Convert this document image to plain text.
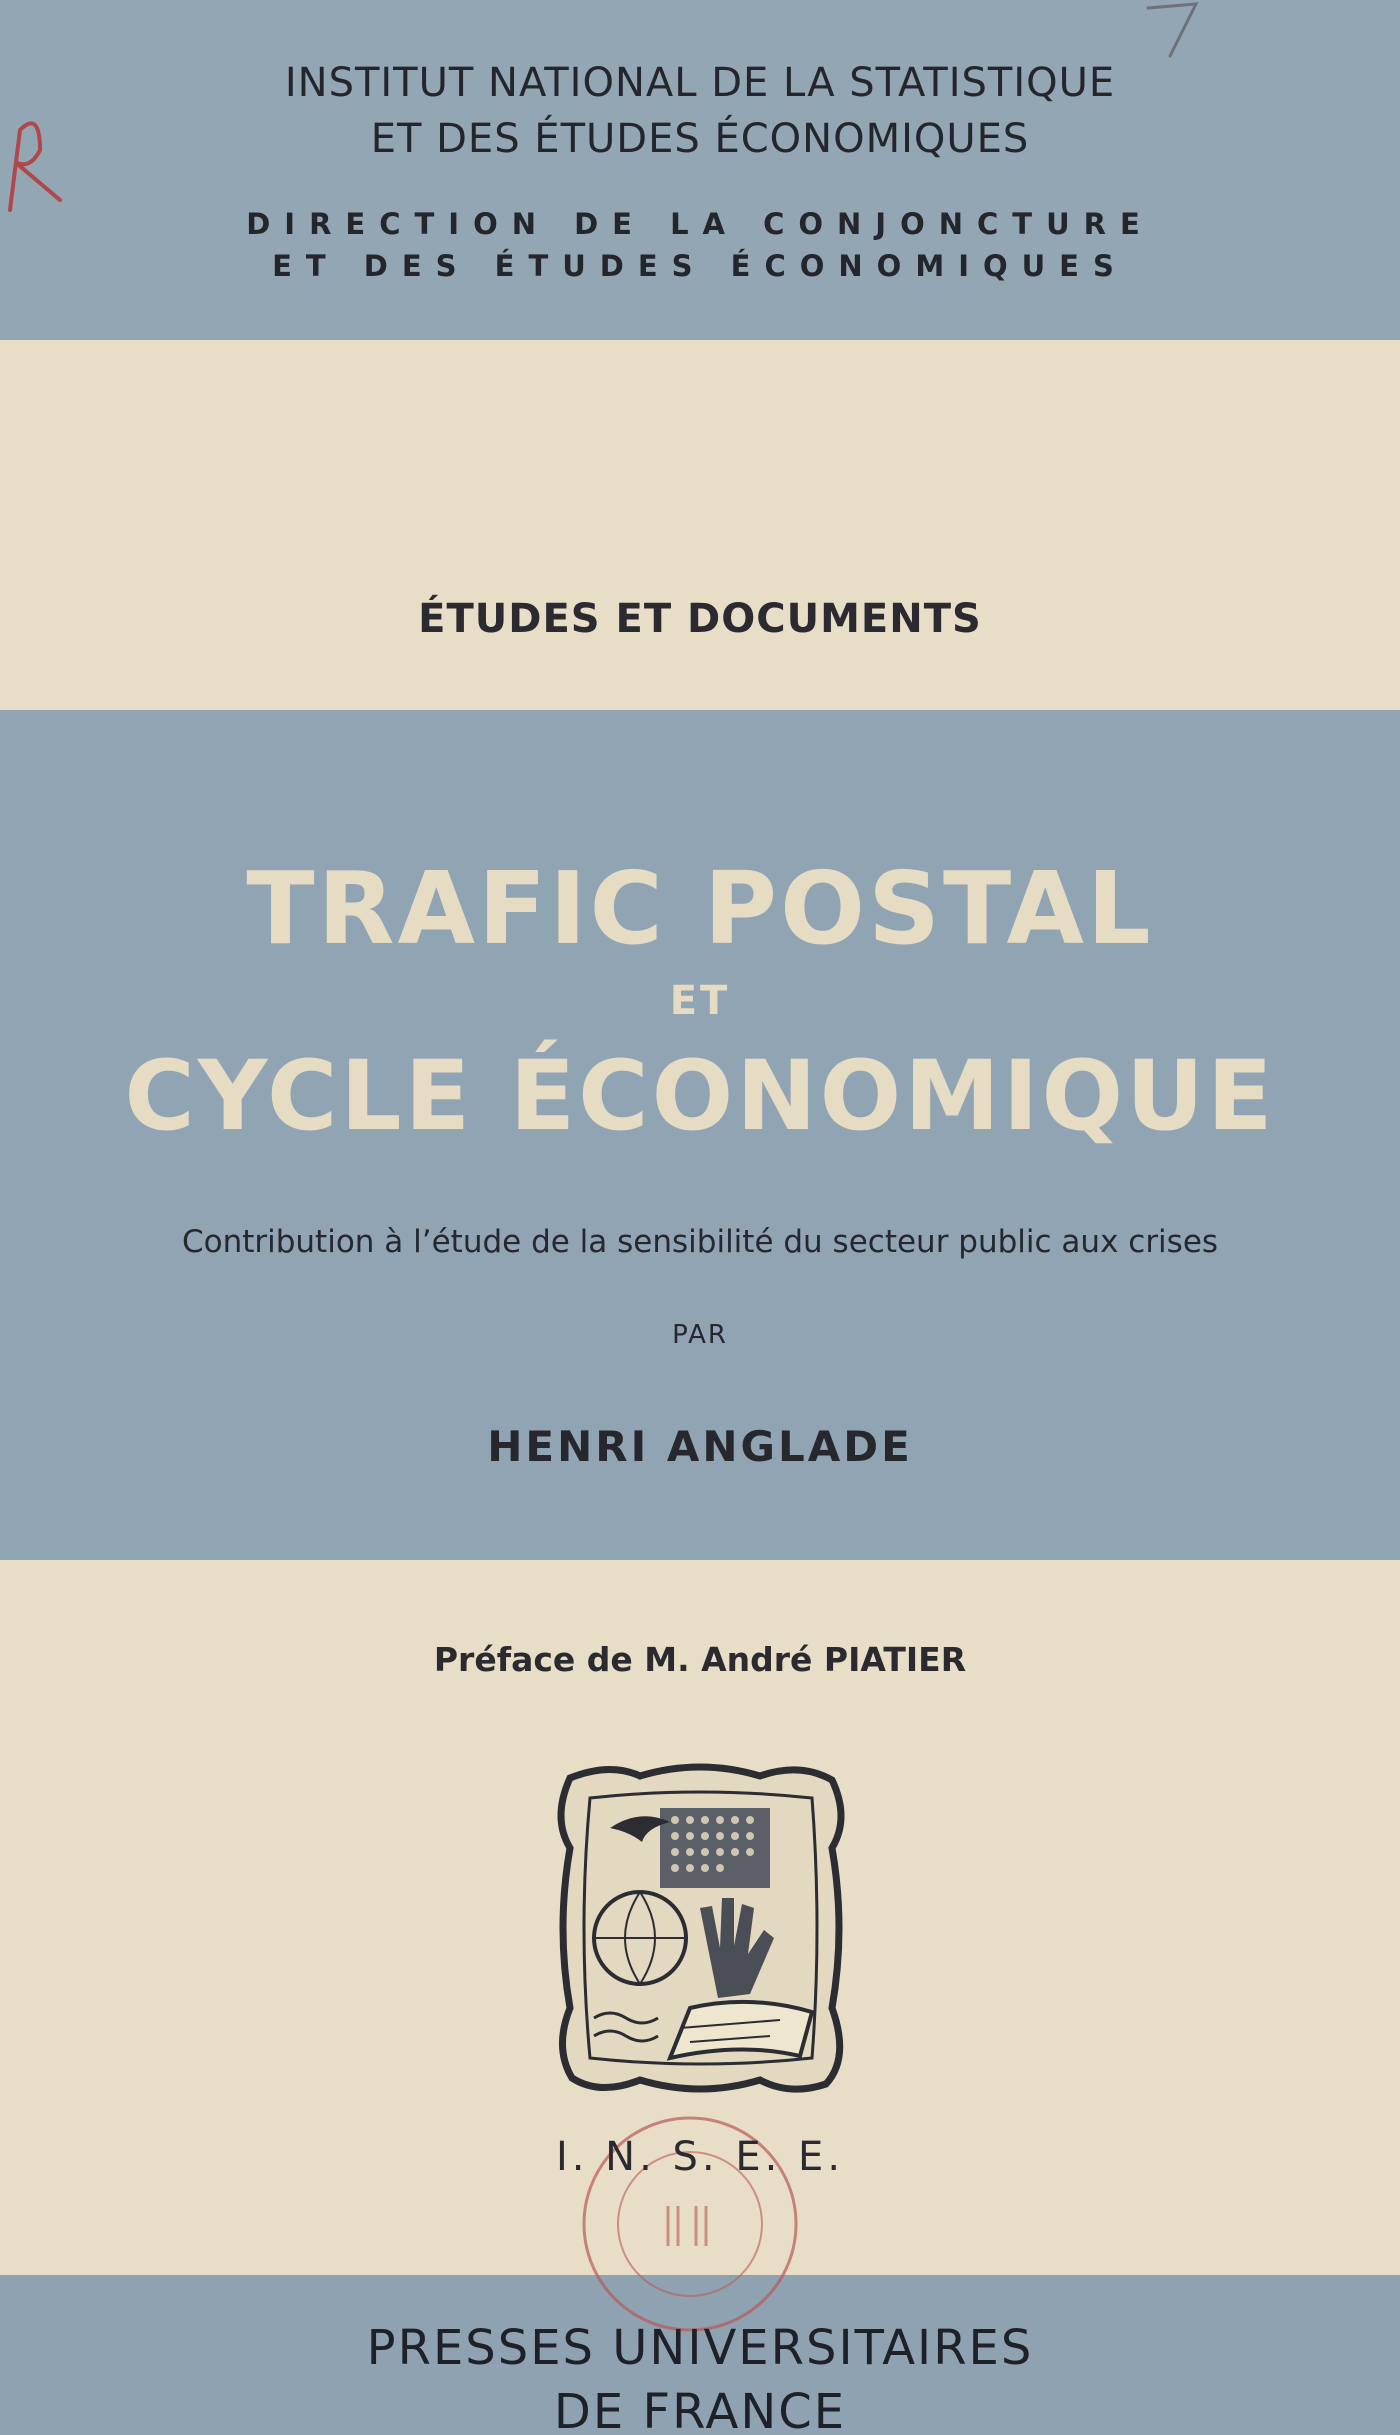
INSTITUT NATIONAL DE LA STATISTIQUE
ET DES ÉTUDES ÉCONOMIQUES
DIRECTION DE LA CONJONCTURE
ET DES ÉTUDES ÉCONOMIQUES
ÉTUDES ET DOCUMENTS
TRAFIC POSTAL
ET
CYCLE ÉCONOMIQUE
Contribution à l’étude de la sensibilité du secteur public aux crises
PAR
HENRI ANGLADE
Préface de M. André PIATIER
I. N. S. E. E.
PRESSES UNIVERSITAIRES
DE FRANCE
